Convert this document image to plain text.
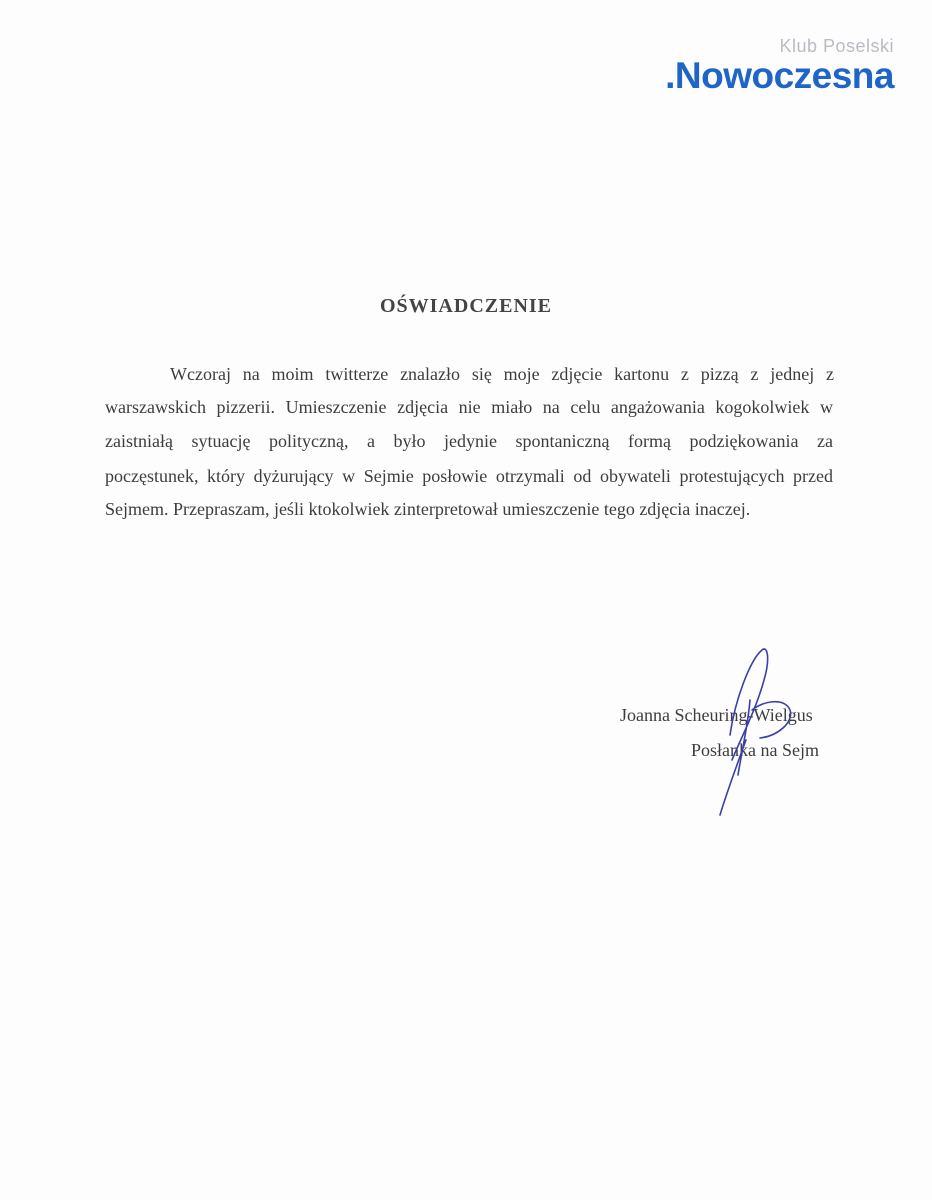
Klub Poselski
.Nowoczesna
OŚWIADCZENIE
Wczoraj na moim twitterze znalazło się moje zdjęcie kartonu z pizzą z jednej z
warszawskich pizzerii. Umieszczenie zdjęcia nie miało na celu angażowania kogokolwiek w
zaistniałą sytuację polityczną, a było jedynie spontaniczną formą podziękowania za
poczęstunek, który dyżurujący w Sejmie posłowie otrzymali od obywateli protestujących przed
Sejmem. Przepraszam, jeśli ktokolwiek zinterpretował umieszczenie tego zdjęcia inaczej.
Joanna Scheuring-Wielgus
Posłanka na Sejm
